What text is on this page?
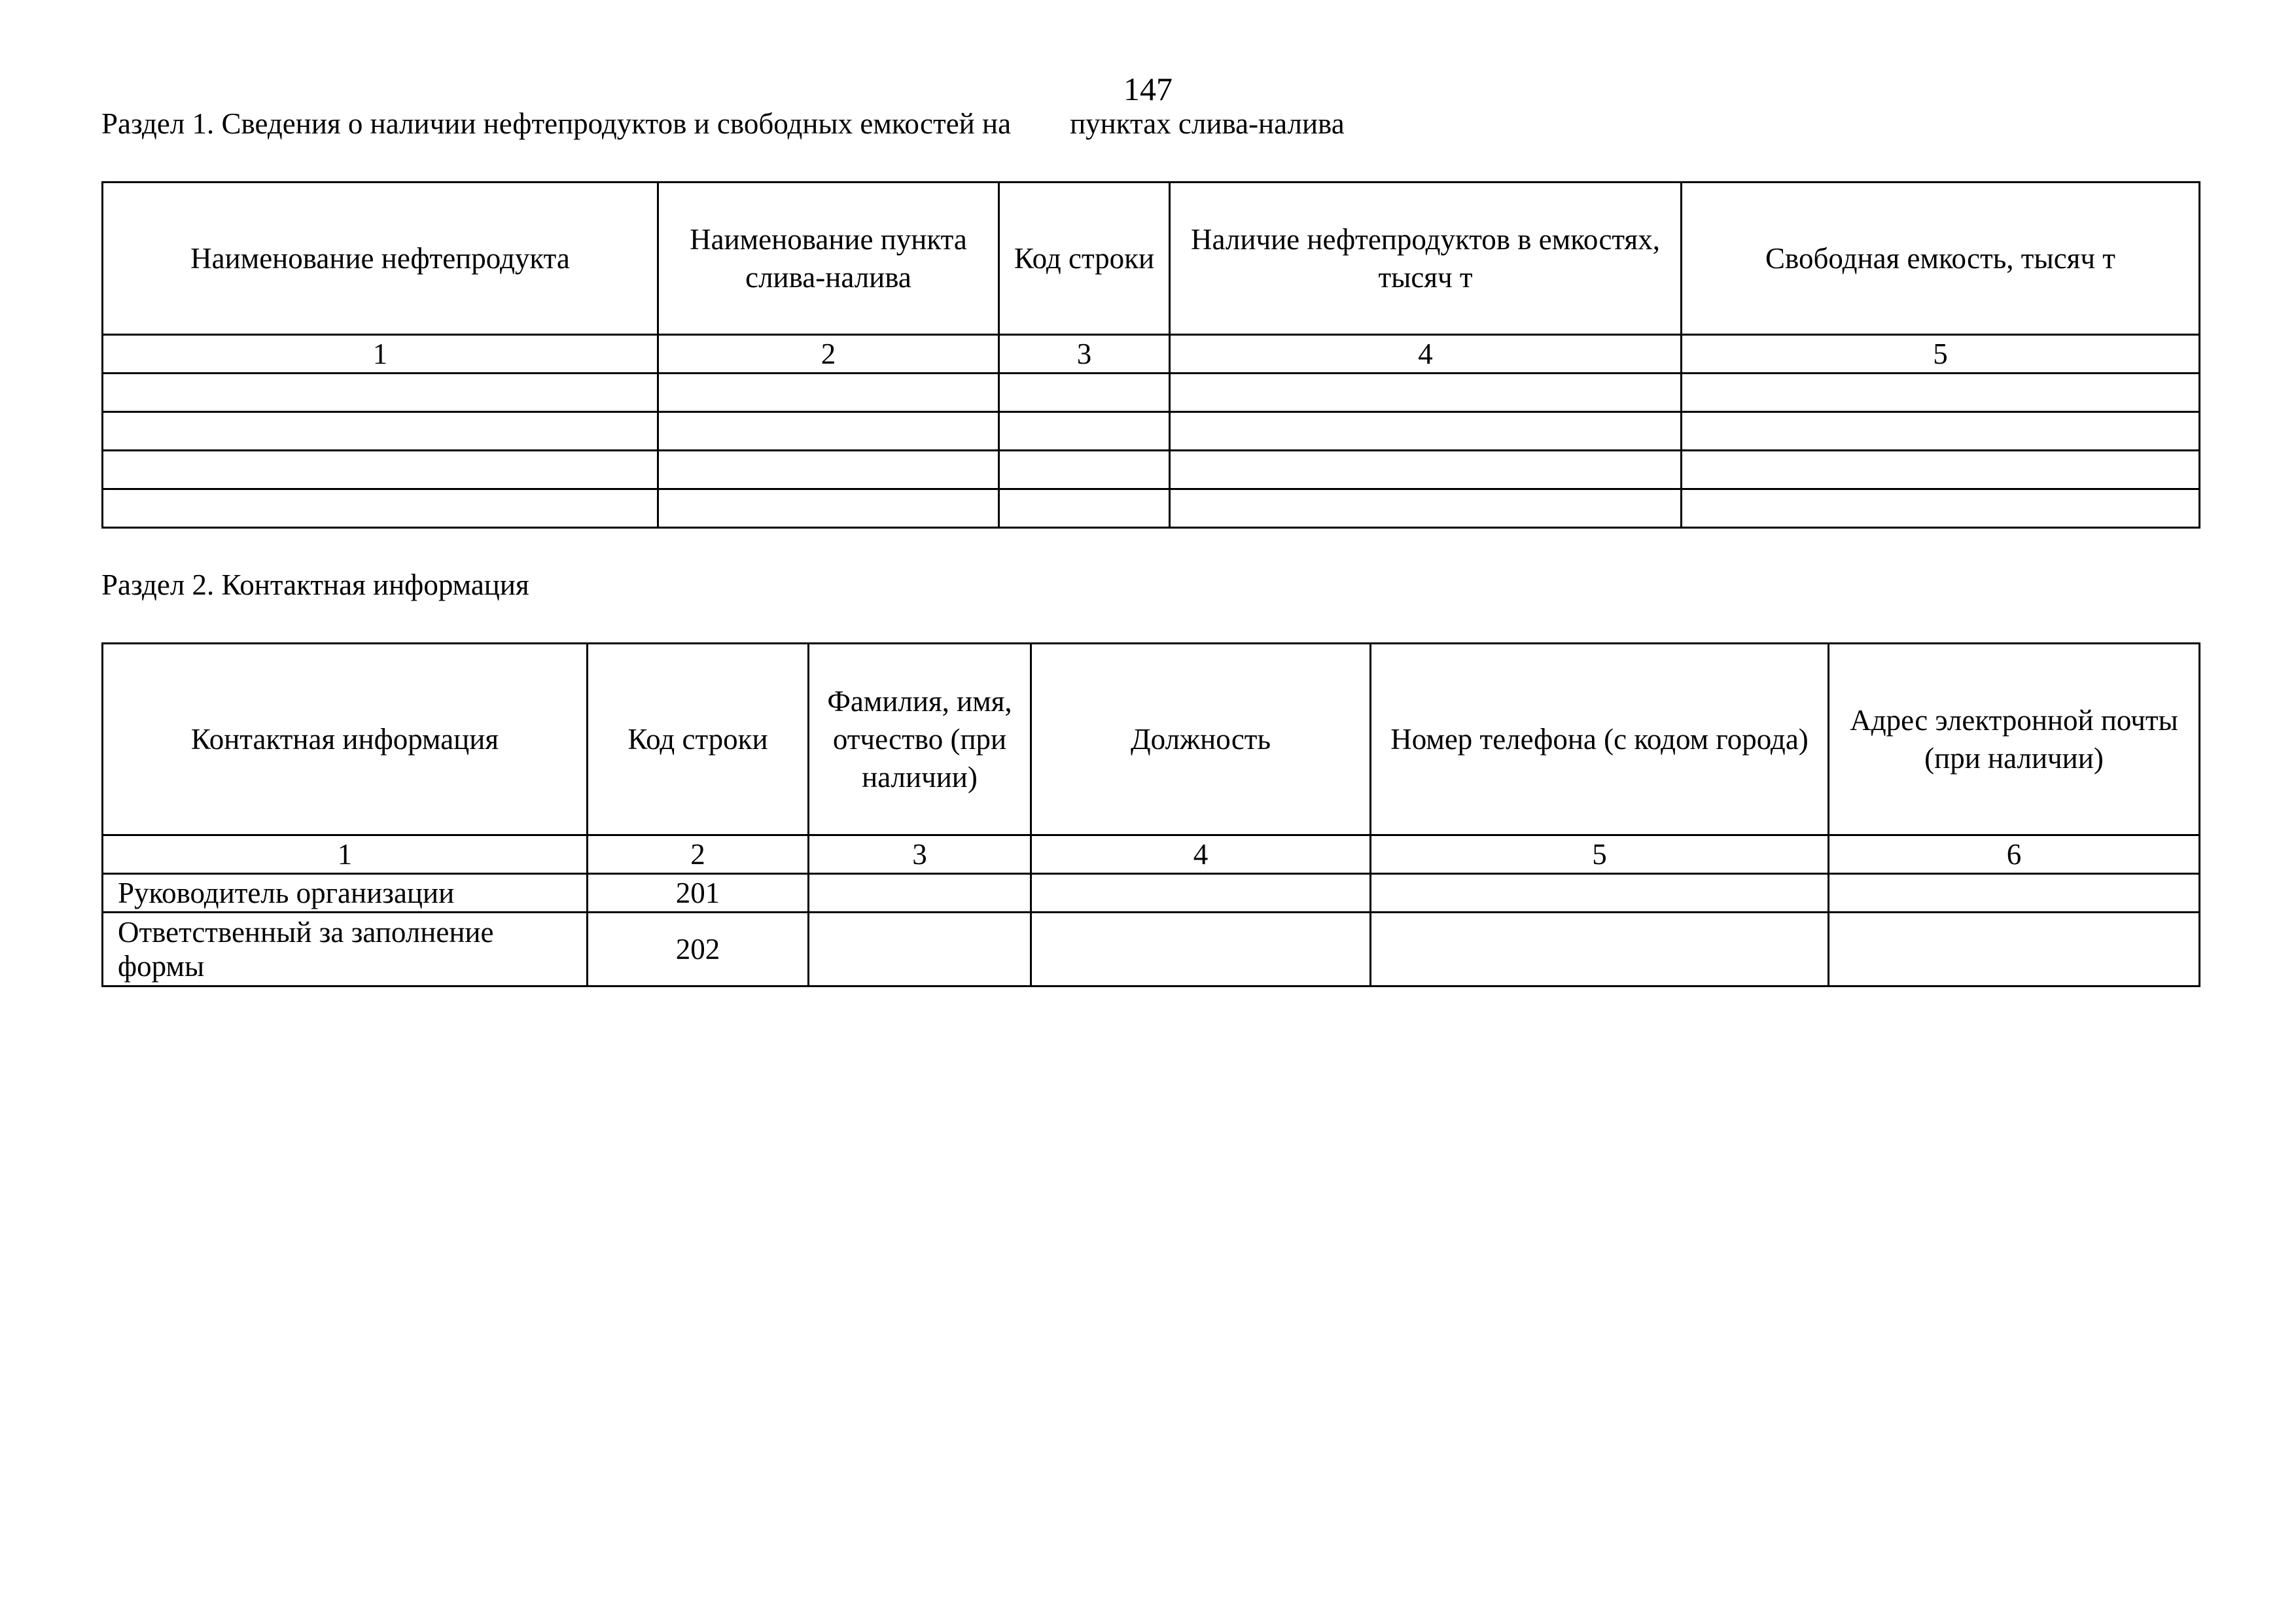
147
Раздел 1. Сведения о наличии нефтепродуктов и свободных емкостей на пунктах слива-налива
Наименование нефтепродукта	Наименование пункта слива-налива	Код строки	Наличие нефтепродуктов в емкостях, тысяч т	Свободная емкость, тысяч т
1	2	3	4	5

Раздел 2. Контактная информация
Контактная информация	Код строки	Фамилия, имя, отчество (при наличии)	Должность	Номер телефона (с кодом города)	Адрес электронной почты (при наличии)
1	2	3	4	5	6
Руководитель организации	201				
Ответственный за заполнение формы	202				
